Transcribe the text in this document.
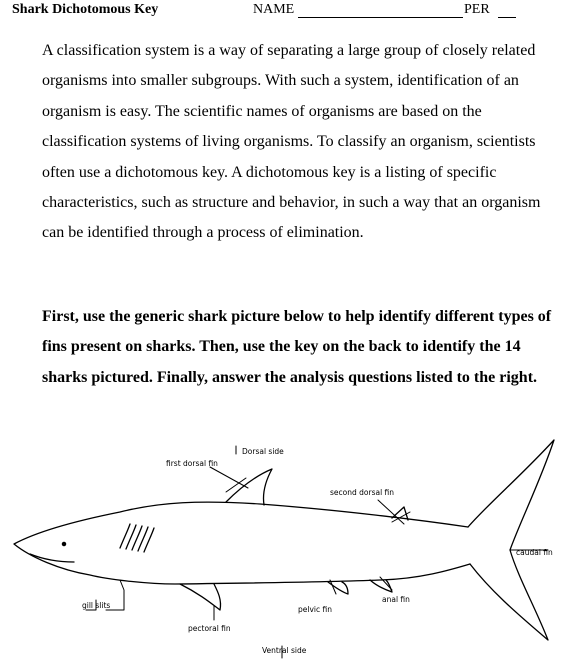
Shark Dichotomous Key	NAME	PER

A classification system is a way of separating a large group of closely related organisms into smaller subgroups. With such a system, identification of an organism is easy. The scientific names of organisms are based on the classification systems of living organisms. To classify an organism, scientists often use a dichotomous key. A dichotomous key is a listing of specific characteristics, such as structure and behavior, in such a way that an organism can be identified through a process of elimination.

First, use the generic shark picture below to help identify different types of fins present on sharks. Then, use the key on the back to identify the 14 sharks pictured. Finally, answer the analysis questions listed to the right.

Dorsal side
first dorsal fin
second dorsal fin
caudal fin
anal fin
pelvic fin
gill slits
pectoral fin
Ventral side
